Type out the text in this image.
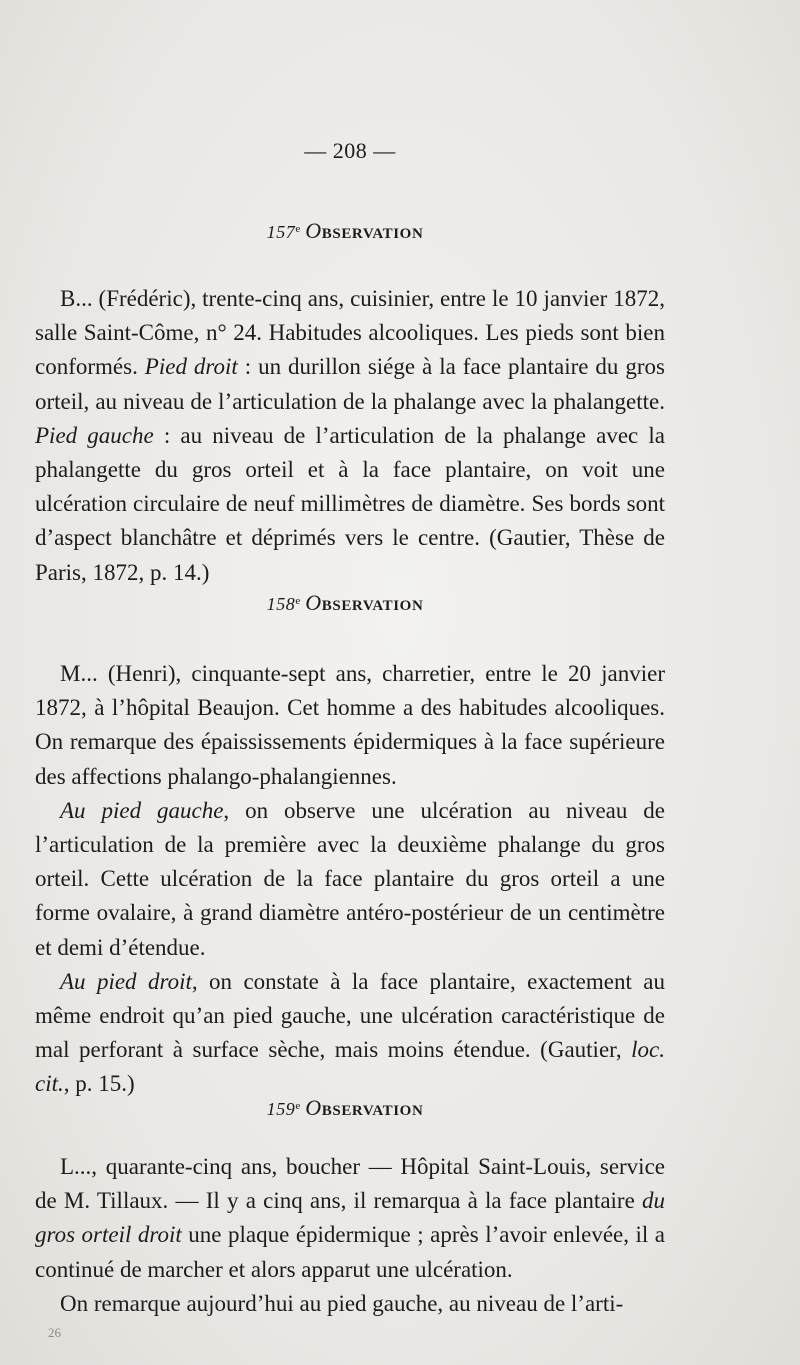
— 208 —
157e OBSERVATION

B... (Frédéric), trente-cinq ans, cuisinier, entre le 10 janvier 1872, salle Saint-Côme, n° 24. Habitudes alcooliques. Les pieds sont bien conformés. Pied droit : un durillon siége à la face plantaire du gros orteil, au niveau de l’articulation de la phalange avec la phalangette. Pied gauche : au niveau de l’articulation de la phalange avec la phalangette du gros orteil et à la face plantaire, on voit une ulcération circulaire de neuf millimètres de diamètre. Ses bords sont d’aspect blanchâtre et déprimés vers le centre. (Gautier, Thèse de Paris, 1872, p. 14.)

158e OBSERVATION

M... (Henri), cinquante-sept ans, charretier, entre le 20 janvier 1872, à l’hôpital Beaujon. Cet homme a des habitudes alcooliques. On remarque des épaississements épidermiques à la face supérieure des affections phalango-phalangiennes.

Au pied gauche, on observe une ulcération au niveau de l’articulation de la première avec la deuxième phalange du gros orteil. Cette ulcération de la face plantaire du gros orteil a une forme ovalaire, à grand diamètre antéro-postérieur de un centimètre et demi d’étendue.

Au pied droit, on constate à la face plantaire, exactement au même endroit qu’an pied gauche, une ulcération caractéristique de mal perforant à surface sèche, mais moins étendue. (Gautier, loc. cit., p. 15.)

159e OBSERVATION

L..., quarante-cinq ans, boucher — Hôpital Saint-Louis, service de M. Tillaux. — Il y a cinq ans, il remarqua à la face plantaire du gros orteil droit une plaque épidermique ; après l’avoir enlevée, il a continué de marcher et alors apparut une ulcération.

On remarque aujourd’hui au pied gauche, au niveau de l’arti-

26
